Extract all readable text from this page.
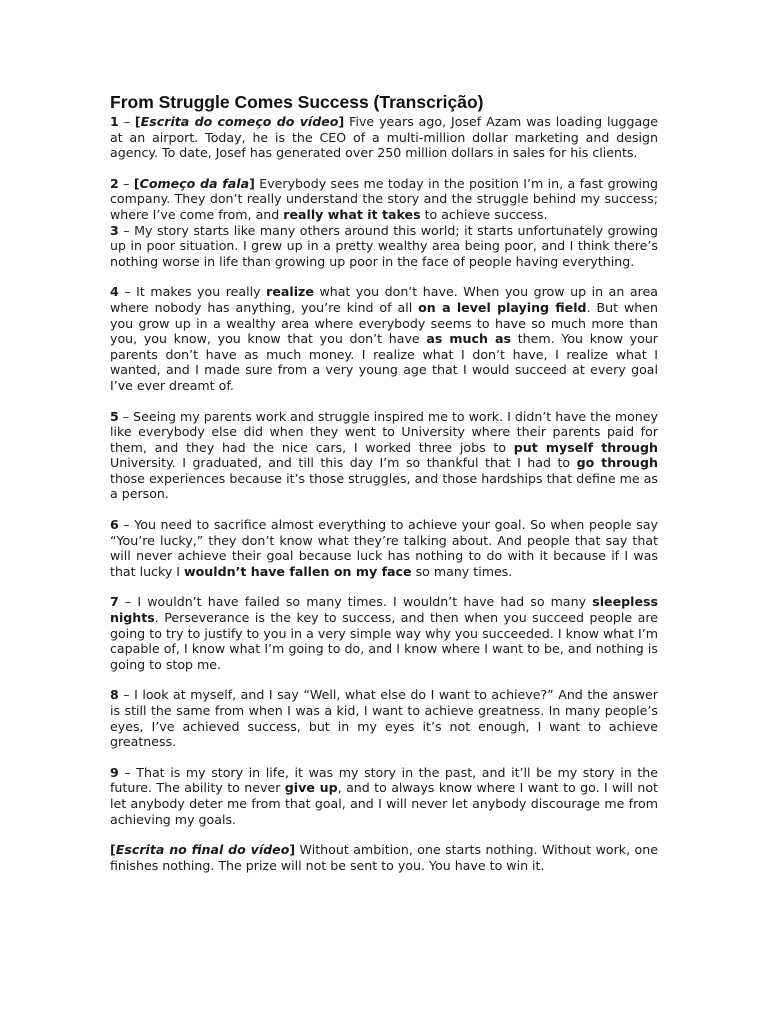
From Struggle Comes Success (Transcrição)

1 – [Escrita do começo do vídeo] Five years ago, Josef Azam was loading luggage at an airport. Today, he is the CEO of a multi-million dollar marketing and design agency. To date, Josef has generated over 250 million dollars in sales for his clients.

2 – [Começo da fala] Everybody sees me today in the position I’m in, a fast growing company. They don’t really understand the story and the struggle behind my success; where I’ve come from, and really what it takes to achieve success.

3 – My story starts like many others around this world; it starts unfortunately growing up in poor situation. I grew up in a pretty wealthy area being poor, and I think there’s nothing worse in life than growing up poor in the face of people having everything.

4 – It makes you really realize what you don’t have. When you grow up in an area where nobody has anything, you’re kind of all on a level playing field. But when you grow up in a wealthy area where everybody seems to have so much more than you, you know, you know that you don’t have as much as them. You know your parents don’t have as much money. I realize what I don’t have, I realize what I wanted, and I made sure from a very young age that I would succeed at every goal I’ve ever dreamt of.

5 – Seeing my parents work and struggle inspired me to work. I didn’t have the money like everybody else did when they went to University where their parents paid for them, and they had the nice cars, I worked three jobs to put myself through University. I graduated, and till this day I’m so thankful that I had to go through those experiences because it’s those struggles, and those hardships that define me as a person.

6 – You need to sacrifice almost everything to achieve your goal. So when people say “You’re lucky,” they don’t know what they’re talking about. And people that say that will never achieve their goal because luck has nothing to do with it because if I was that lucky I wouldn’t have fallen on my face so many times.

7 – I wouldn’t have failed so many times. I wouldn’t have had so many sleepless nights. Perseverance is the key to success, and then when you succeed people are going to try to justify to you in a very simple way why you succeeded. I know what I’m capable of, I know what I’m going to do, and I know where I want to be, and nothing is going to stop me.

8 – I look at myself, and I say “Well, what else do I want to achieve?” And the answer is still the same from when I was a kid, I want to achieve greatness. In many people’s eyes, I’ve achieved success, but in my eyes it’s not enough, I want to achieve greatness.

9 – That is my story in life, it was my story in the past, and it’ll be my story in the future. The ability to never give up, and to always know where I want to go. I will not let anybody deter me from that goal, and I will never let anybody discourage me from achieving my goals.

[Escrita no final do vídeo] Without ambition, one starts nothing. Without work, one finishes nothing. The prize will not be sent to you. You have to win it.
